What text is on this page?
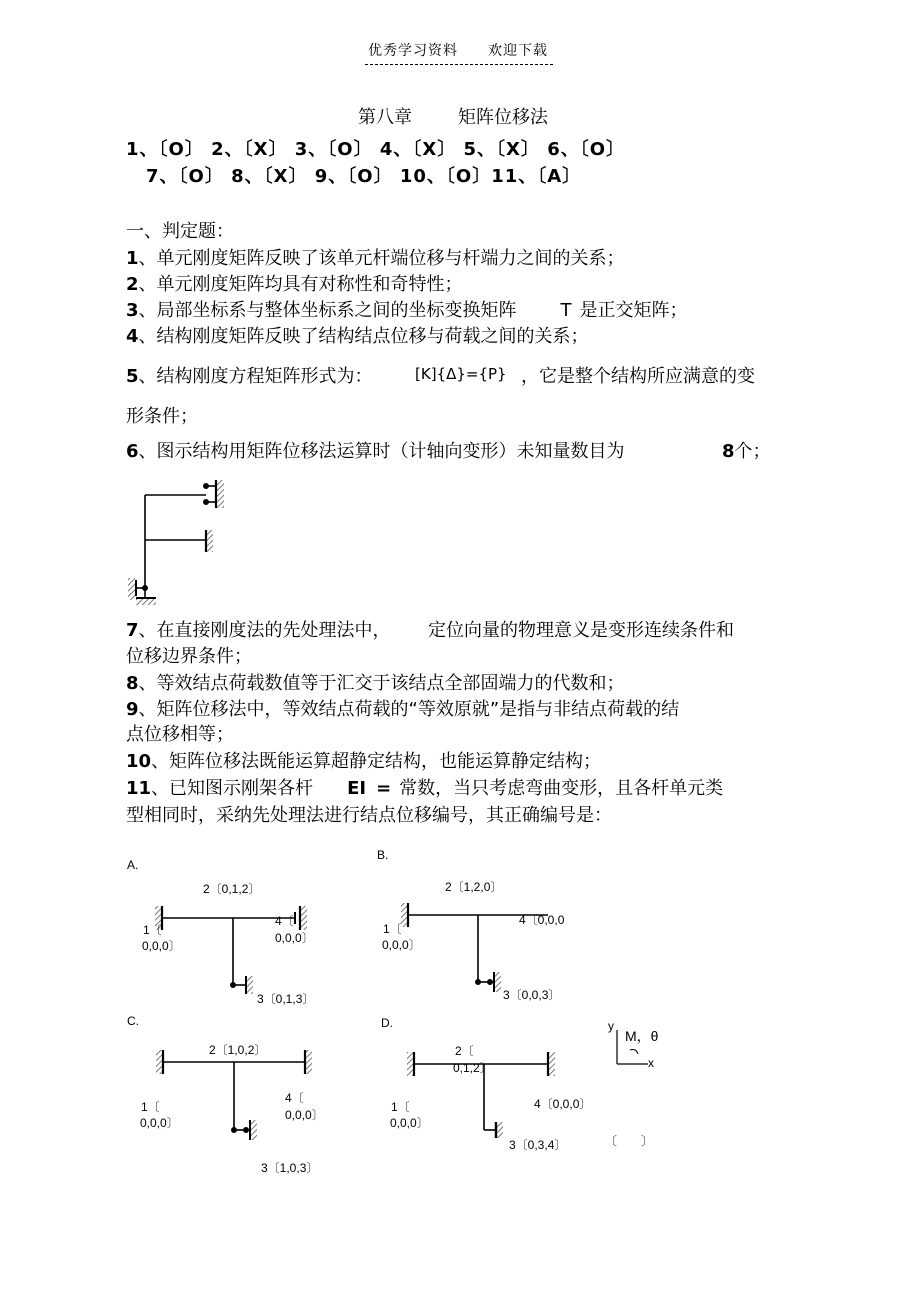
优秀学习资料 欢迎下载
第八章	矩阵位移法
1、〔O〕 2、〔X〕 3、〔O〕 4、〔X〕 5、〔X〕 6、〔O〕
7、〔O〕 8、〔X〕 9、〔O〕 10、〔O〕11、〔A〕
一、判定题：
1、单元刚度矩阵反映了该单元杆端位移与杆端力之间的关系；
2、单元刚度矩阵均具有对称性和奇特性；
3、局部坐标系与整体坐标系之间的坐标变换矩阵 T 是正交矩阵；
4、结构刚度矩阵反映了结构结点位移与荷载之间的关系；
5、结构刚度方程矩阵形式为：	[K]{Δ}={P} ，它是整个结构所应满意的变
形条件；
6、图示结构用矩阵位移法运算时（计轴向变形）未知量数目为	8个；
7、在直接刚度法的先处理法中， 定位向量的物理意义是变形连续条件和
位移边界条件；
8、等效结点荷载数值等于汇交于该结点全部固端力的代数和；
9、矩阵位移法中，等效结点荷载的“等效原就”是指与非结点荷载的结
点位移相等；
10、矩阵位移法既能运算超静定结构，也能运算静定结构；
11、已知图示刚架各杆 EI = 常数，当只考虑弯曲变形，且各杆单元类
型相同时，采纳先处理法进行结点位移编号，其正确编号是：
A.
2〔0,1,2〕
1〔
0,0,0〕
4〔
0,0,0〕
3〔0,1,3〕
B.
2〔1,2,0〕
1〔
0,0,0〕
4〔0,0,0
3〔0,0,3〕
C.
2〔1,0,2〕
1〔
0,0,0〕
4〔
0,0,0〕
3〔1,0,3〕
D.
2〔
0,1,2〕
1〔
0,0,0〕
4〔0,0,0〕
3〔0,3,4〕
y
x
M，θ
〔　　〕
